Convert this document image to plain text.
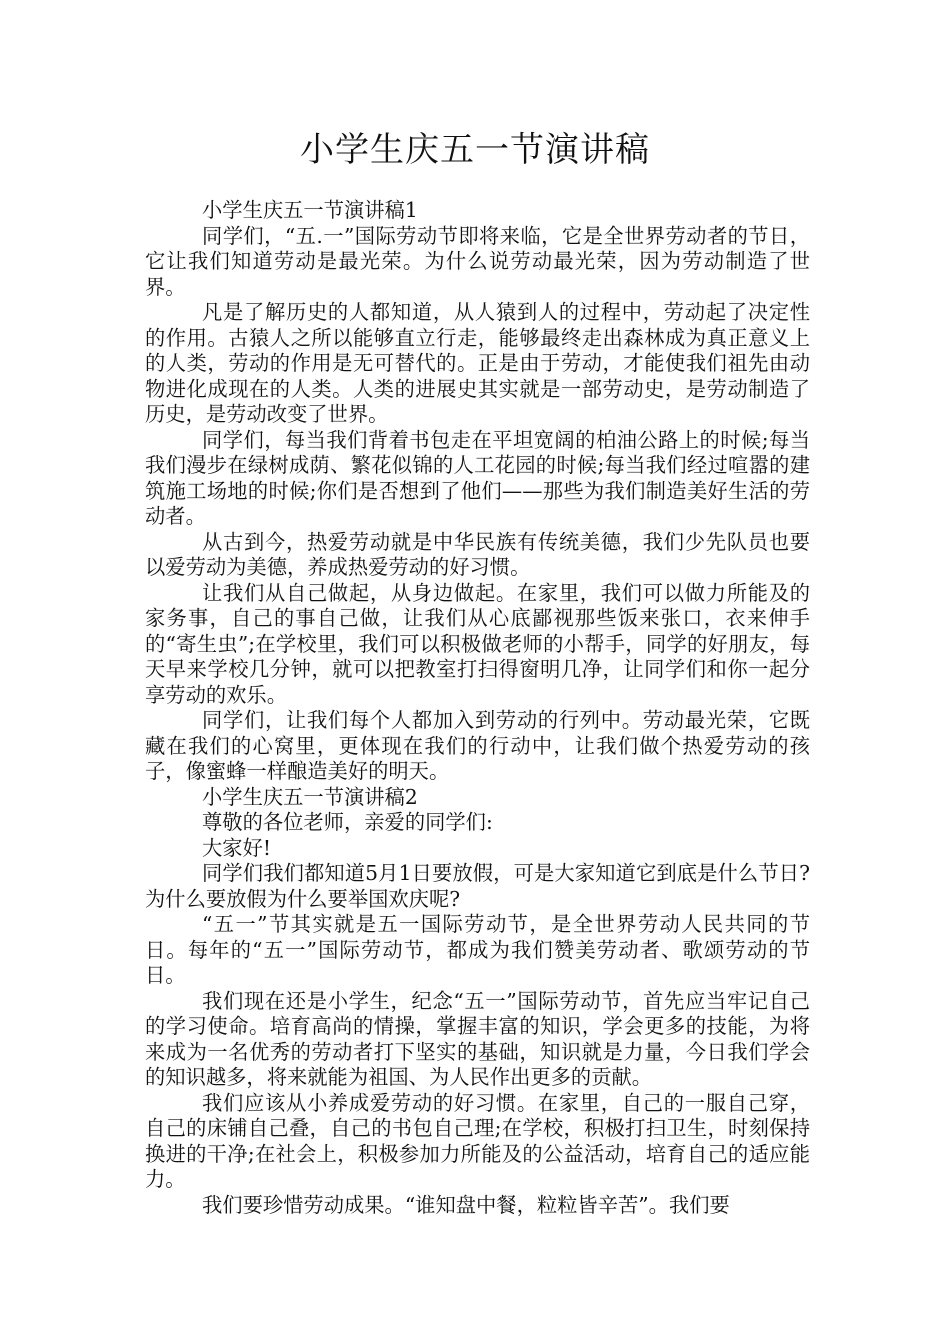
小学生庆五一节演讲稿

小学生庆五一节演讲稿1

同学们，“五.一”国际劳动节即将来临，它是全世界劳动者的节日，它让我们知道劳动是最光荣。为什么说劳动最光荣，因为劳动制造了世界。

凡是了解历史的人都知道，从人猿到人的过程中，劳动起了决定性的作用。古猿人之所以能够直立行走，能够最终走出森林成为真正意义上的人类，劳动的作用是无可替代的。正是由于劳动，才能使我们祖先由动物进化成现在的人类。人类的进展史其实就是一部劳动史，是劳动制造了历史，是劳动改变了世界。

同学们，每当我们背着书包走在平坦宽阔的柏油公路上的时候;每当我们漫步在绿树成荫、繁花似锦的人工花园的时候;每当我们经过喧嚣的建筑施工场地的时候;你们是否想到了他们——那些为我们制造美好生活的劳动者。

从古到今，热爱劳动就是中华民族有传统美德，我们少先队员也要以爱劳动为美德，养成热爱劳动的好习惯。

让我们从自己做起，从身边做起。在家里，我们可以做力所能及的家务事，自己的事自己做，让我们从心底鄙视那些饭来张口，衣来伸手的“寄生虫”;在学校里，我们可以积极做老师的小帮手，同学的好朋友，每天早来学校几分钟，就可以把教室打扫得窗明几净，让同学们和你一起分享劳动的欢乐。

同学们，让我们每个人都加入到劳动的行列中。劳动最光荣，它既藏在我们的心窝里，更体现在我们的行动中，让我们做个热爱劳动的孩子，像蜜蜂一样酿造美好的明天。

小学生庆五一节演讲稿2

尊敬的各位老师，亲爱的同学们:

大家好!

同学们我们都知道5月1日要放假，可是大家知道它到底是什么节日?为什么要放假为什么要举国欢庆呢?

“五一”节其实就是五一国际劳动节，是全世界劳动人民共同的节日。每年的“五一”国际劳动节，都成为我们赞美劳动者、歌颂劳动的节日。

我们现在还是小学生，纪念“五一”国际劳动节，首先应当牢记自己的学习使命。培育高尚的情操，掌握丰富的知识，学会更多的技能，为将来成为一名优秀的劳动者打下坚实的基础，知识就是力量，今日我们学会的知识越多，将来就能为祖国、为人民作出更多的贡献。

我们应该从小养成爱劳动的好习惯。在家里，自己的一服自己穿，自己的床铺自己叠，自己的书包自己理;在学校，积极打扫卫生，时刻保持换进的干净;在社会上，积极参加力所能及的公益活动，培育自己的适应能力。

我们要珍惜劳动成果。“谁知盘中餐，粒粒皆辛苦”。我们要
